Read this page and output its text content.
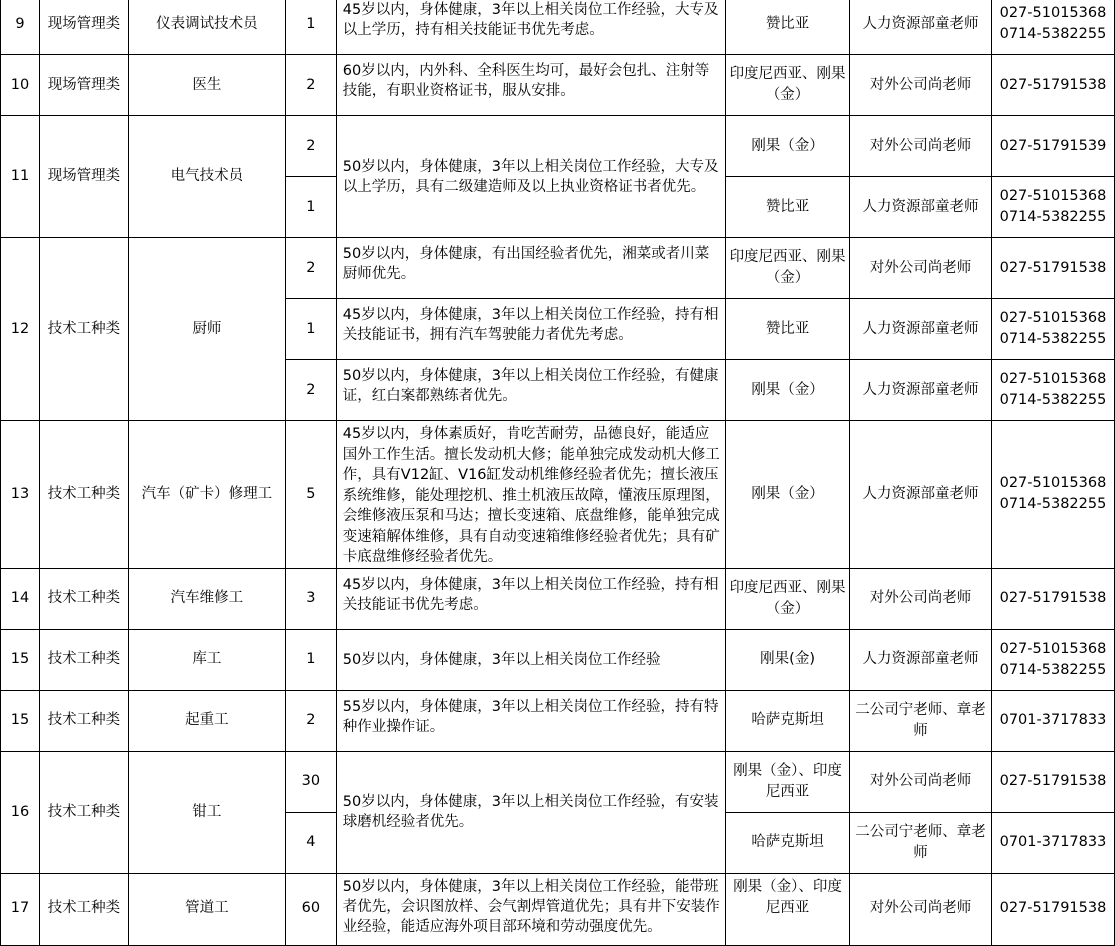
9	现场管理类	仪表调试技术员	1	45岁以内，身体健康，3年以上相关岗位工作经验，大专及以上学历，持有相关技能证书优先考虑。	赞比亚	人力资源部童老师	027-51015368
0714-5382255
10	现场管理类	医生	2	60岁以内，内外科、全科医生均可，最好会包扎、注射等技能，有职业资格证书，服从安排。	印度尼西亚、刚果（金）	对外公司尚老师	027-51791538
11	现场管理类	电气技术员	2	50岁以内，身体健康，3年以上相关岗位工作经验，大专及以上学历，具有二级建造师及以上执业资格证书者优先。	刚果（金）	对外公司尚老师	027-51791539
			1		赞比亚	人力资源部童老师	027-51015368
0714-5382255
12	技术工种类	厨师	2	50岁以内，身体健康，有出国经验者优先，湘菜或者川菜厨师优先。	印度尼西亚、刚果（金）	对外公司尚老师	027-51791538
			1	45岁以内，身体健康，3年以上相关岗位工作经验，持有相关技能证书，拥有汽车驾驶能力者优先考虑。	赞比亚	人力资源部童老师	027-51015368
0714-5382255
			2	50岁以内，身体健康，3年以上相关岗位工作经验，有健康证，红白案都熟练者优先。	刚果（金）	人力资源部童老师	027-51015368
0714-5382255
13	技术工种类	汽车（矿卡）修理工	5	45岁以内，身体素质好，肯吃苦耐劳，品德良好，能适应国外工作生活。擅长发动机大修；能单独完成发动机大修工作，具有V12缸、V16缸发动机维修经验者优先；擅长液压系统维修，能处理挖机、推土机液压故障，懂液压原理图，会维修液压泵和马达；擅长变速箱、底盘维修，能单独完成变速箱解体维修，具有自动变速箱维修经验者优先；具有矿卡底盘维修经验者优先。	刚果（金）	人力资源部童老师	027-51015368
0714-5382255
14	技术工种类	汽车维修工	3	45岁以内，身体健康，3年以上相关岗位工作经验，持有相关技能证书优先考虑。	印度尼西亚、刚果（金）	对外公司尚老师	027-51791538
15	技术工种类	库工	1	50岁以内，身体健康，3年以上相关岗位工作经验	刚果(金)	人力资源部童老师	027-51015368
0714-5382255
15	技术工种类	起重工	2	55岁以内，身体健康，3年以上相关岗位工作经验，持有特种作业操作证。	哈萨克斯坦	二公司宁老师、章老师	0701-3717833
16	技术工种类	钳工	30	50岁以内，身体健康，3年以上相关岗位工作经验，有安装球磨机经验者优先。	刚果（金）、印度尼西亚	对外公司尚老师	027-51791538
			4		哈萨克斯坦	二公司宁老师、章老师	0701-3717833
17	技术工种类	管道工	60	50岁以内，身体健康，3年以上相关岗位工作经验，能带班者优先，会识图放样、会气割焊管道优先；具有井下安装作业经验，能适应海外项目部环境和劳动强度优先。	刚果（金）、印度尼西亚	对外公司尚老师	027-51791538
